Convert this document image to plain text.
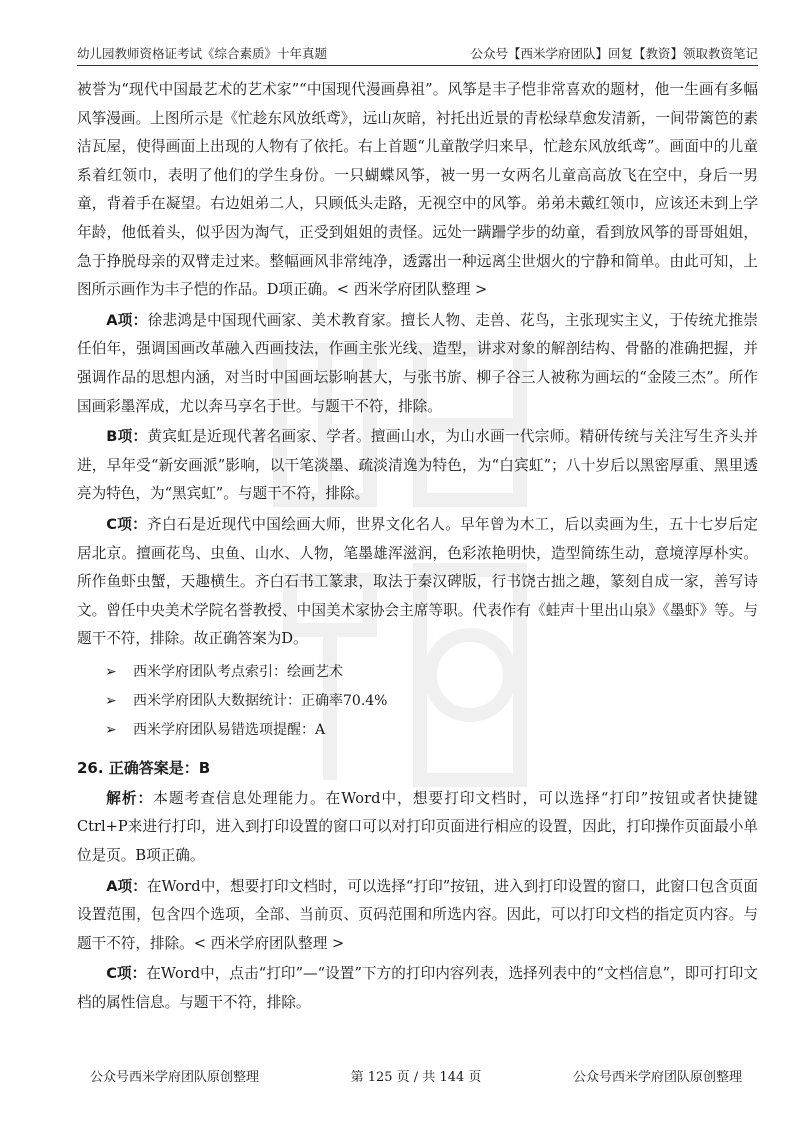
幼儿园教师资格证考试《综合素质》十年真题	公众号【西米学府团队】回复【教资】领取教资笔记

被誉为“现代中国最艺术的艺术家”“中国现代漫画鼻祖”。风筝是丰子恺非常喜欢的题材，他一生画有多幅风筝漫画。上图所示是《忙趁东风放纸鸢》，远山灰暗，衬托出近景的青松绿草愈发清新，一间带篱笆的素洁瓦屋，使得画面上出现的人物有了依托。右上首题“儿童散学归来早，忙趁东风放纸鸢”。画面中的儿童系着红领巾，表明了他们的学生身份。一只蝴蝶风筝，被一男一女两名儿童高高放飞在空中，身后一男童，背着手在凝望。右边姐弟二人，只顾低头走路，无视空中的风筝。弟弟未戴红领巾，应该还未到上学年龄，他低着头，似乎因为淘气，正受到姐姐的责怪。远处一蹒跚学步的幼童，看到放风筝的哥哥姐姐，急于挣脱母亲的双臂走过来。整幅画风非常纯净，透露出一种远离尘世烟火的宁静和简单。由此可知，上图所示画作为丰子恺的作品。D项正确。< 西米学府团队整理 >

A项：徐悲鸿是中国现代画家、美术教育家。擅长人物、走兽、花鸟，主张现实主义，于传统尤推崇任伯年，强调国画改革融入西画技法，作画主张光线、造型，讲求对象的解剖结构、骨骼的准确把握，并强调作品的思想内涵，对当时中国画坛影响甚大，与张书旂、柳子谷三人被称为画坛的“金陵三杰”。所作国画彩墨浑成，尤以奔马享名于世。与题干不符，排除。

B项：黄宾虹是近现代著名画家、学者。擅画山水，为山水画一代宗师。精研传统与关注写生齐头并进，早年受“新安画派”影响，以干笔淡墨、疏淡清逸为特色，为“白宾虹”；八十岁后以黑密厚重、黑里透亮为特色，为“黑宾虹”。与题干不符，排除。

C项：齐白石是近现代中国绘画大师，世界文化名人。早年曾为木工，后以卖画为生，五十七岁后定居北京。擅画花鸟、虫鱼、山水、人物，笔墨雄浑滋润，色彩浓艳明快，造型简练生动，意境淳厚朴实。所作鱼虾虫蟹，天趣横生。齐白石书工篆隶，取法于秦汉碑版，行书饶古拙之趣，篆刻自成一家，善写诗文。曾任中央美术学院名誉教授、中国美术家协会主席等职。代表作有《蛙声十里出山泉》《墨虾》等。与题干不符，排除。故正确答案为D。

➢ 西米学府团队考点索引：绘画艺术
➢ 西米学府团队大数据统计：正确率70.4%
➢ 西米学府团队易错选项提醒：A
26. 正确答案是：B

解析：本题考查信息处理能力。在Word中，想要打印文档时，可以选择“打印”按钮或者快捷键Ctrl+P来进行打印，进入到打印设置的窗口可以对打印页面进行相应的设置，因此，打印操作页面最小单位是页。B项正确。

A项：在Word中，想要打印文档时，可以选择“打印”按钮，进入到打印设置的窗口，此窗口包含页面设置范围，包含四个选项，全部、当前页、页码范围和所选内容。因此，可以打印文档的指定页内容。与题干不符，排除。< 西米学府团队整理 >

C项：在Word中，点击“打印”—“设置”下方的打印内容列表，选择列表中的“文档信息”，即可打印文档的属性信息。与题干不符，排除。

公众号西米学府团队原创整理	第 125 页 / 共 144 页	公众号西米学府团队原创整理
